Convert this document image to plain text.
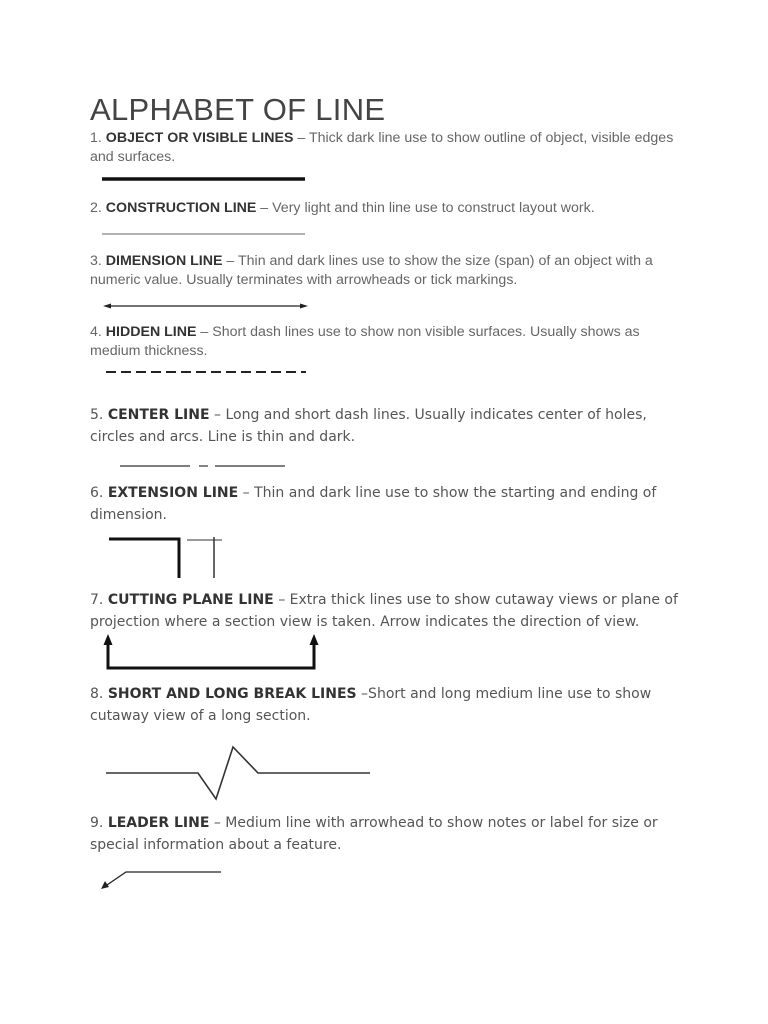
ALPHABET OF LINE
1. OBJECT OR VISIBLE LINES – Thick dark line use to show outline of object, visible edges and surfaces.
2. CONSTRUCTION LINE – Very light and thin line use to construct layout work.
3. DIMENSION LINE – Thin and dark lines use to show the size (span) of an object with a numeric value. Usually terminates with arrowheads or tick markings.
4. HIDDEN LINE – Short dash lines use to show non visible surfaces. Usually shows as medium thickness.
5. CENTER LINE – Long and short dash lines. Usually indicates center of holes, circles and arcs. Line is thin and dark.
6. EXTENSION LINE – Thin and dark line use to show the starting and ending of dimension.
7. CUTTING PLANE LINE – Extra thick lines use to show cutaway views or plane of projection where a section view is taken. Arrow indicates the direction of view.
8. SHORT AND LONG BREAK LINES –Short and long medium line use to show cutaway view of a long section.
9. LEADER LINE – Medium line with arrowhead to show notes or label for size or special information about a feature.
